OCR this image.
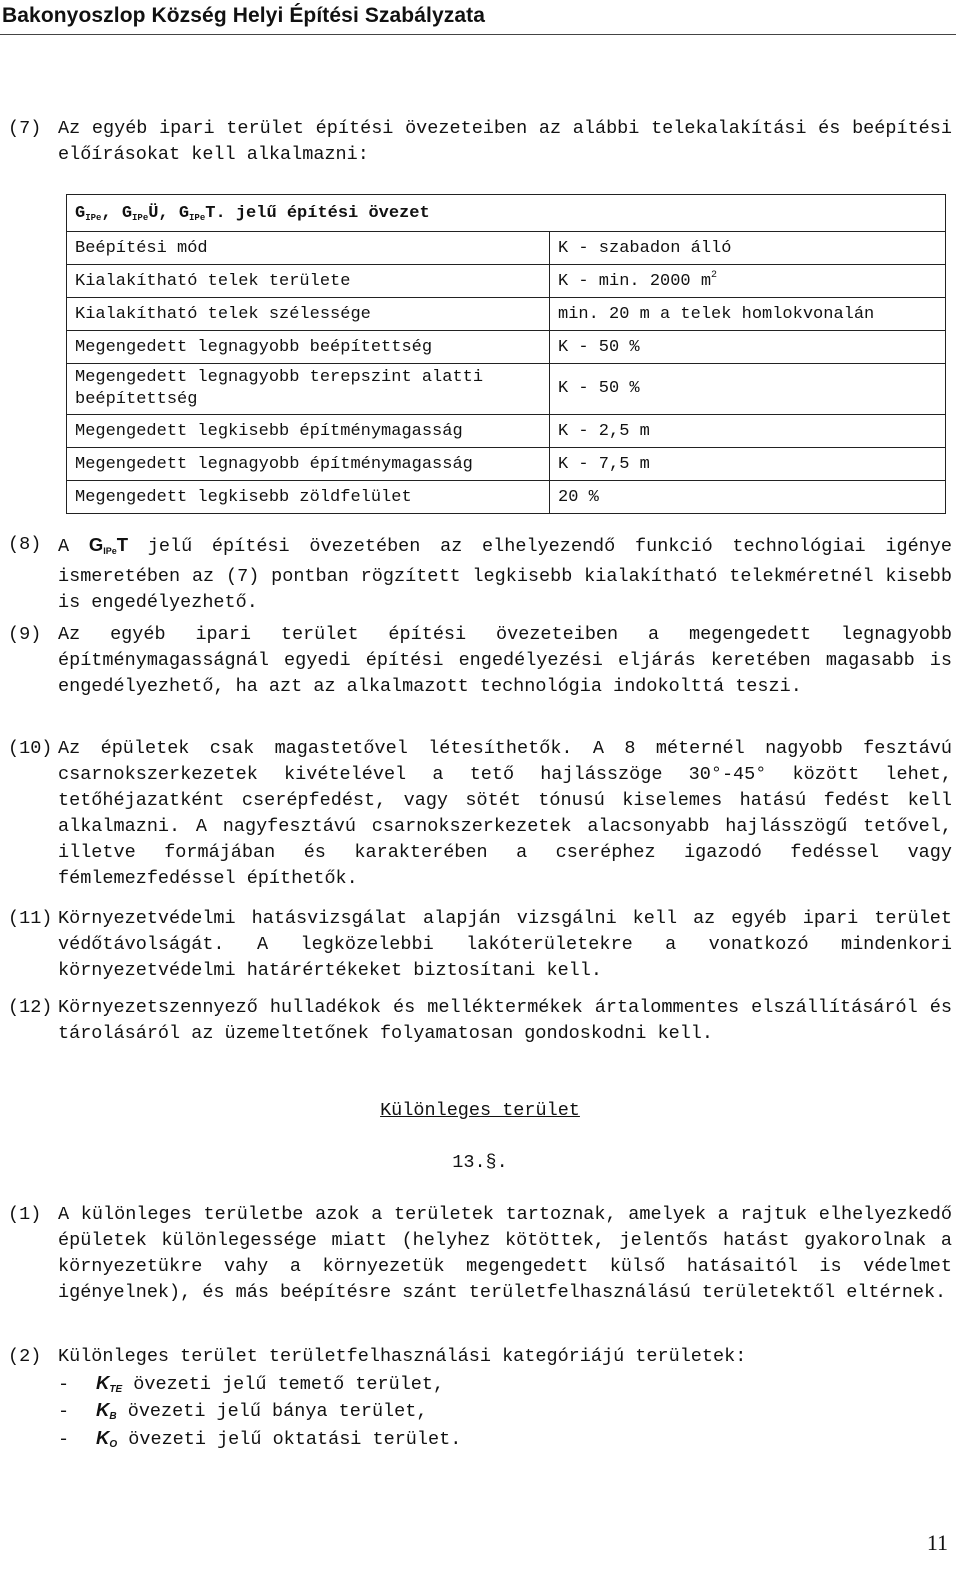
Bakonyoszlop Község Helyi Építési Szabályzata
(7) Az egyéb ipari terület építési övezeteiben az alábbi telekalakítási és beépítési előírásokat kell alkalmazni:
$G_{IPe}$, $G_{IPe}Ü$, $G_{IPe}T$. jelű építési övezet	
Beépítési mód	K - szabadon álló
Kialakítható telek területe	K - min. 2000 $m^2$
Kialakítható telek szélessége	min. 20 m a telek homlokvonalán
Megengedett legnagyobb beépítettség	K - 50 %
Megengedett legnagyobb terepszint alatti beépítettség	K - 50 %
Megengedett legkisebb építménymagasság	K - 2,5 m
Megengedett legnagyobb építménymagasság	K - 7,5 m
Megengedett legkisebb zöldfelület	20 %
(8) A $G_{IPe}T$ jelű építési övezetében az elhelyezendő funkció technológiai igénye ismeretében az (7) pontban rögzített legkisebb kialakítható telekméretnél kisebb is engedélyezhető.
(9) Az egyéb ipari terület építési övezeteiben a megengedett legnagyobb építménymagasságnál egyedi építési engedélyezési eljárás keretében magasabb is engedélyezhető, ha azt az alkalmazott technológia indokolttá teszi.
(10) Az épületek csak magastetővel létesíthetők. A 8 méternél nagyobb fesztávú csarnokszerkezetek kivételével a tető hajlásszöge 30°-45° között lehet, tetőhéjazatként cserépfedést, vagy sötét tónusú kiselemes hatású fedést kell alkalmazni. A nagyfesztávú csarnokszerkezetek alacsonyabb hajlásszögű tetővel, illetve formájában és karakterében a cseréphez igazodó fedéssel vagy fémlemezfedéssel építhetők.
(11) Környezetvédelmi hatásvizsgálat alapján vizsgálni kell az egyéb ipari terület védőtávolságát. A legközelebbi lakóterületekre a vonatkozó mindenkori környezetvédelmi határértékeket biztosítani kell.
(12) Környezetszennyező hulladékok és melléktermékek ártalommentes elszállításáról és tárolásáról az üzemeltetőnek folyamatosan gondoskodni kell.
Különleges terület
13.§.
(1) A különleges területbe azok a területek tartoznak, amelyek a rajtuk elhelyezkedő épületek különlegessége miatt (helyhez kötöttek, jelentős hatást gyakorolnak a környezetükre vahy a környezetük megengedett külső hatásaitól is védelmet igényelnek), és más beépítésre szánt területfelhasználású területektől eltérnek.
(2) Különleges terület területfelhasználási kategóriájú területek:
- $K_{TE}$ övezeti jelű temető terület,
- $K_B$ övezeti jelű bánya terület,
- $K_O$ övezeti jelű oktatási terület.
11
